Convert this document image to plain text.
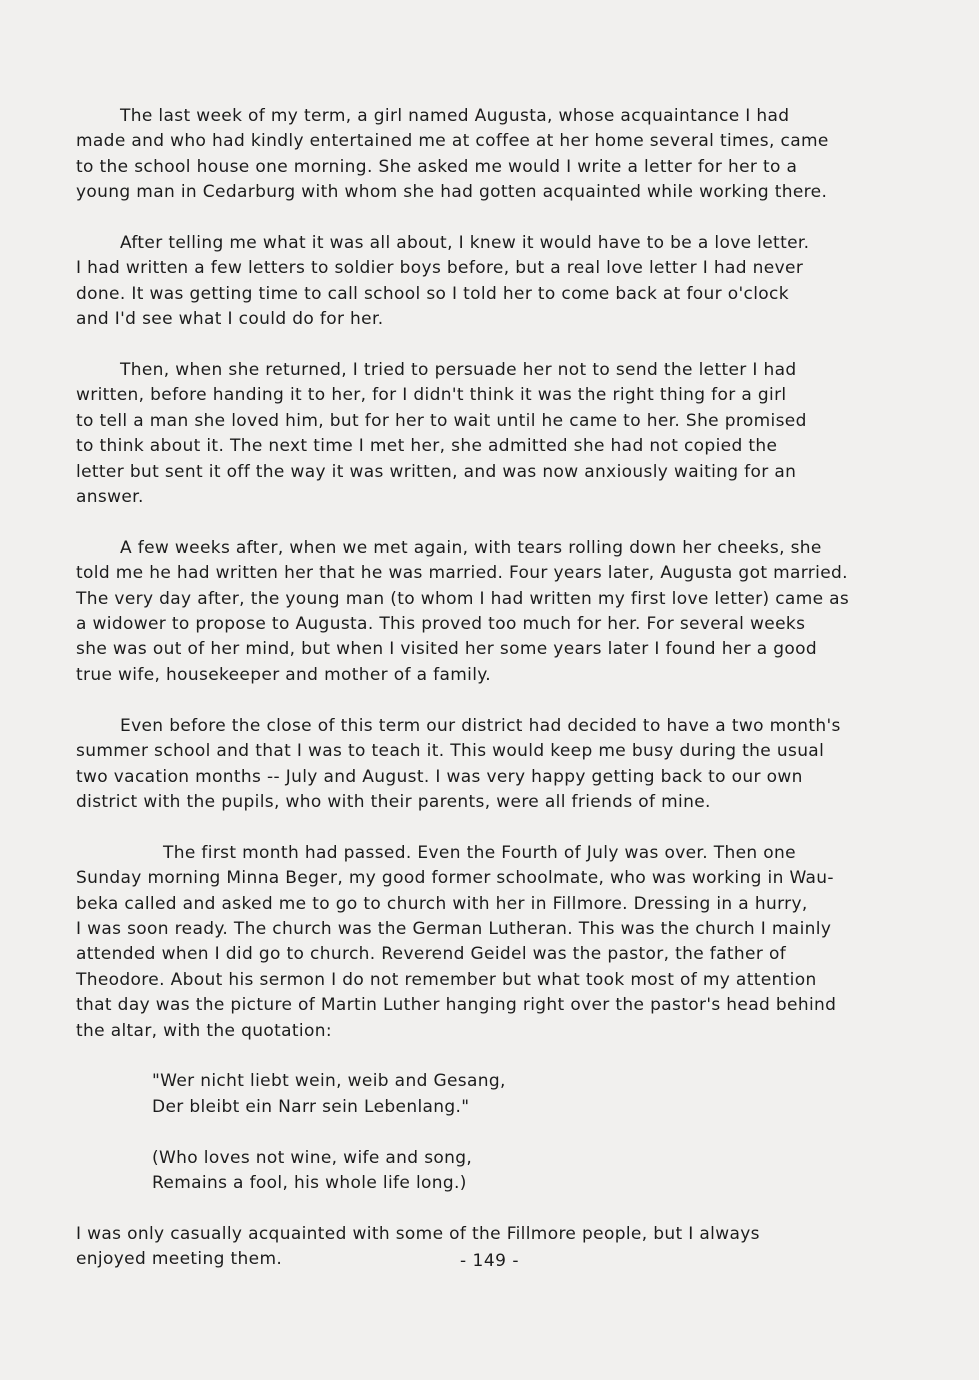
The last week of my term, a girl named Augusta, whose acquaintance I had
made and who had kindly entertained me at coffee at her home several times, came
to the school house one morning. She asked me would I write a letter for her to a
young man in Cedarburg with whom she had gotten acquainted while working there.

After telling me what it was all about, I knew it would have to be a love letter.
I had written a few letters to soldier boys before, but a real love letter I had never
done. It was getting time to call school so I told her to come back at four o'clock
and I'd see what I could do for her.

Then, when she returned, I tried to persuade her not to send the letter I had
written, before handing it to her, for I didn't think it was the right thing for a girl
to tell a man she loved him, but for her to wait until he came to her. She promised
to think about it. The next time I met her, she admitted she had not copied the
letter but sent it off the way it was written, and was now anxiously waiting for an
answer.

A few weeks after, when we met again, with tears rolling down her cheeks, she
told me he had written her that he was married. Four years later, Augusta got married.
The very day after, the young man (to whom I had written my first love letter) came as
a widower to propose to Augusta. This proved too much for her. For several weeks
she was out of her mind, but when I visited her some years later I found her a good
true wife, housekeeper and mother of a family.

Even before the close of this term our district had decided to have a two month's
summer school and that I was to teach it. This would keep me busy during the usual
two vacation months -- July and August. I was very happy getting back to our own
district with the pupils, who with their parents, were all friends of mine.

The first month had passed. Even the Fourth of July was over. Then one
Sunday morning Minna Beger, my good former schoolmate, who was working in Wau-
beka called and asked me to go to church with her in Fillmore. Dressing in a hurry,
I was soon ready. The church was the German Lutheran. This was the church I mainly
attended when I did go to church. Reverend Geidel was the pastor, the father of
Theodore. About his sermon I do not remember but what took most of my attention
that day was the picture of Martin Luther hanging right over the pastor's head behind
the altar, with the quotation:

"Wer nicht liebt wein, weib and Gesang,
Der bleibt ein Narr sein Lebenlang."

(Who loves not wine, wife and song,
Remains a fool, his whole life long.)

I was only casually acquainted with some of the Fillmore people, but I always
enjoyed meeting them.	- 149 -
